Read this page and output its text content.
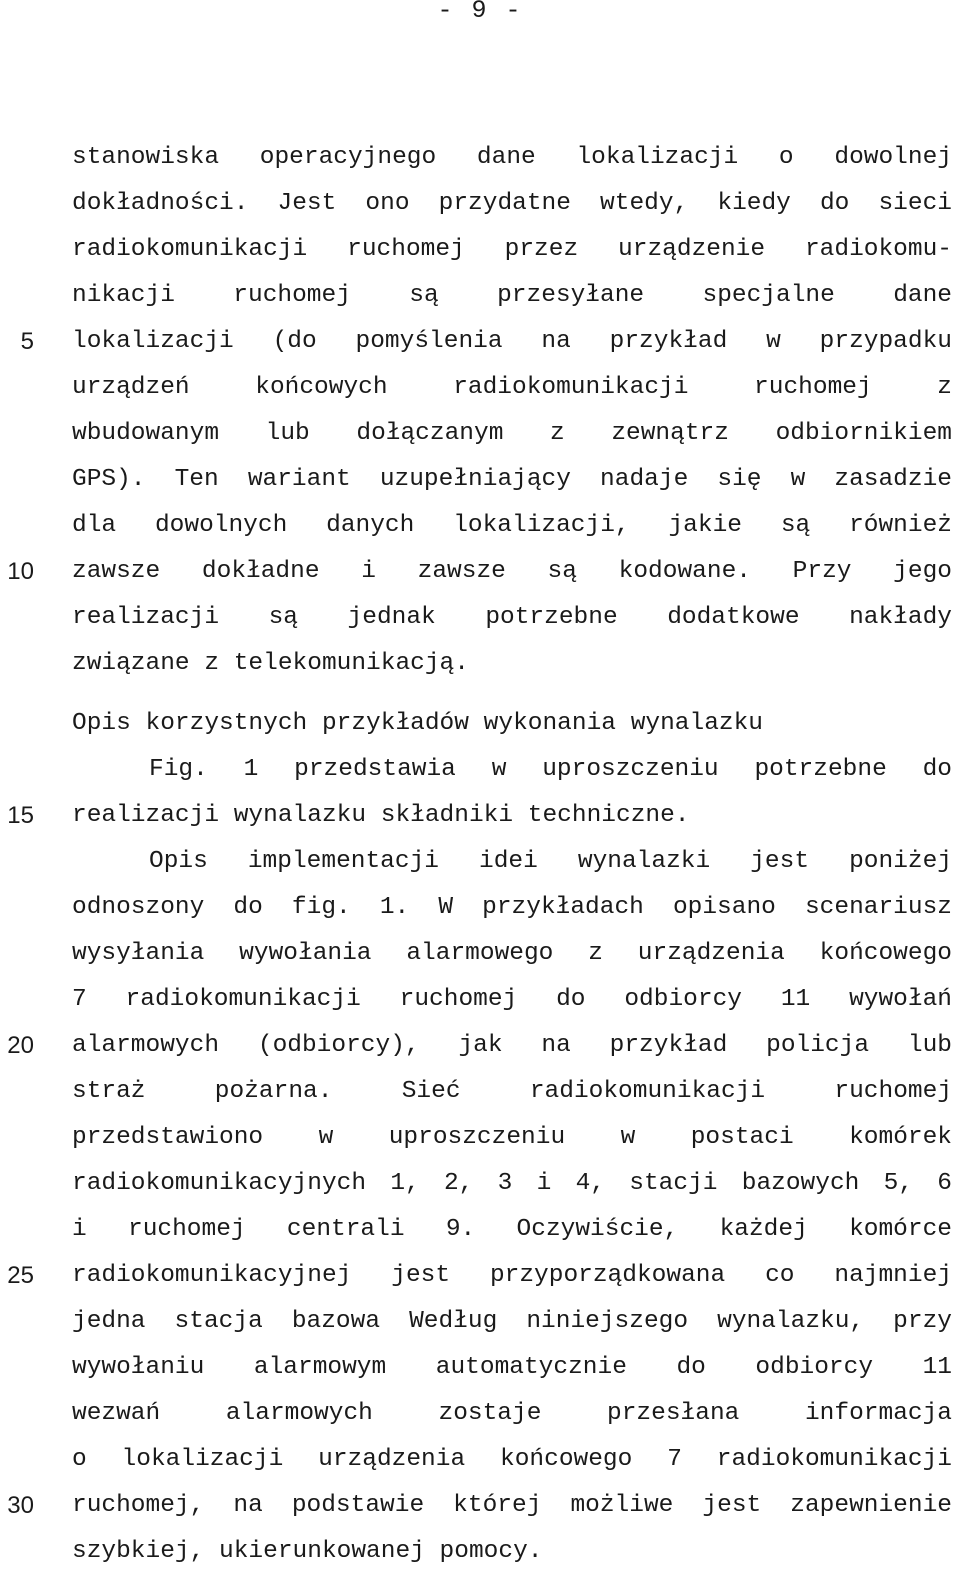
- 9 -
5
10
15
20
25
30
stanowiska operacyjnego dane lokalizacji o dowolnej
dokładności. Jest ono przydatne wtedy, kiedy do sieci
radiokomunikacji ruchomej przez urządzenie radiokomu-
nikacji ruchomej są przesyłane specjalne dane
lokalizacji (do pomyślenia na przykład w przypadku
urządzeń końcowych radiokomunikacji ruchomej z
wbudowanym lub dołączanym z zewnątrz odbiornikiem
GPS). Ten wariant uzupełniający nadaje się w zasadzie
dla dowolnych danych lokalizacji, jakie są również
zawsze dokładne i zawsze są kodowane. Przy jego
realizacji są jednak potrzebne dodatkowe nakłady
związane z telekomunikacją.
Opis korzystnych przykładów wykonania wynalazku
Fig. 1 przedstawia w uproszczeniu potrzebne do
realizacji wynalazku składniki techniczne.
Opis implementacji idei wynalazki jest poniżej
odnoszony do fig. 1. W przykładach opisano scenariusz
wysyłania wywołania alarmowego z urządzenia końcowego
7 radiokomunikacji ruchomej do odbiorcy 11 wywołań
alarmowych (odbiorcy), jak na przykład policja lub
straż pożarna. Sieć radiokomunikacji ruchomej
przedstawiono w uproszczeniu w postaci komórek
radiokomunikacyjnych 1, 2, 3 i 4, stacji bazowych 5, 6
i ruchomej centrali 9. Oczywiście, każdej komórce
radiokomunikacyjnej jest przyporządkowana co najmniej
jedna stacja bazowa Według niniejszego wynalazku, przy
wywołaniu alarmowym automatycznie do odbiorcy 11
wezwań alarmowych zostaje przesłana informacja
o lokalizacji urządzenia końcowego 7 radiokomunikacji
ruchomej, na podstawie której możliwe jest zapewnienie
szybkiej, ukierunkowanej pomocy.
